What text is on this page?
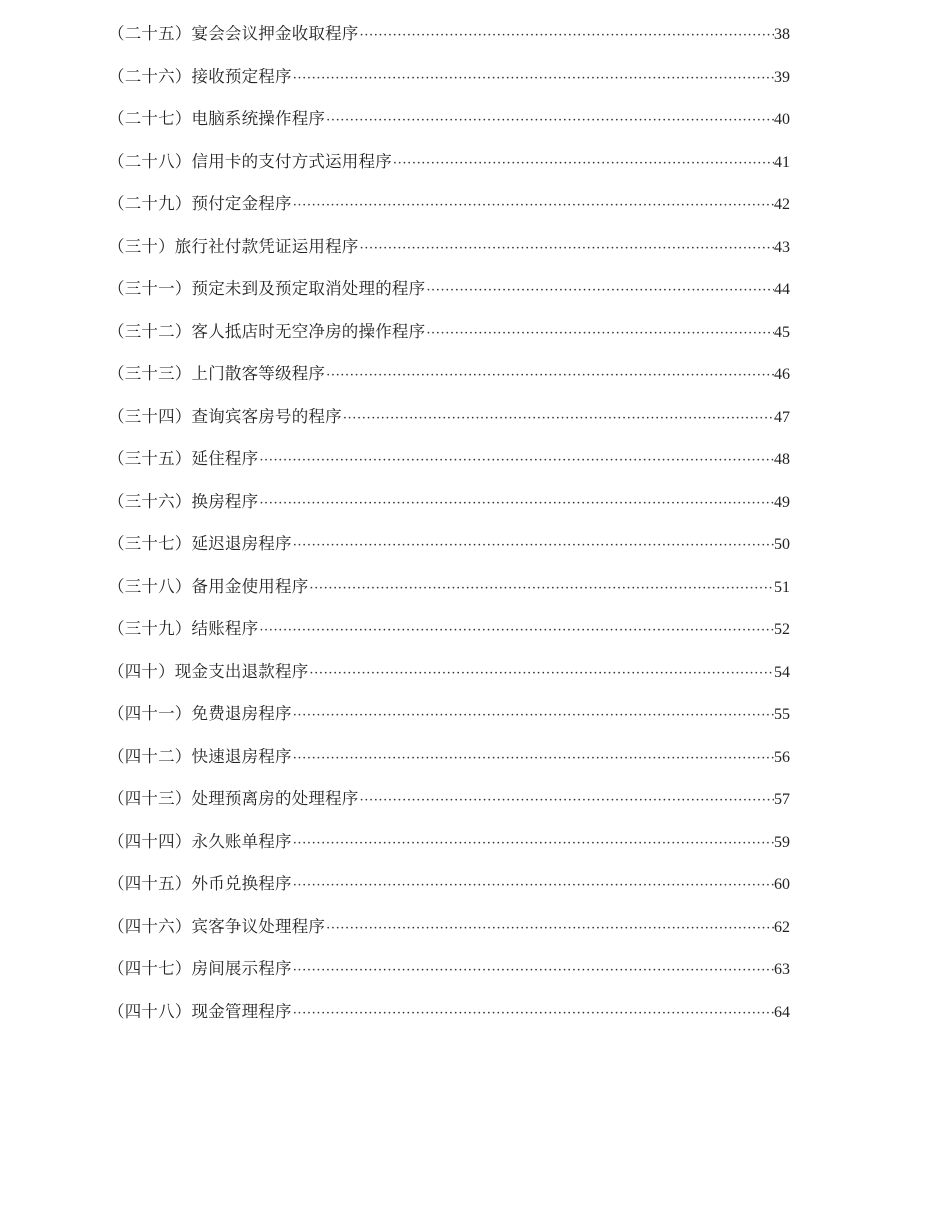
（二十五）宴会会议押金收取程序 ·····	38
（二十六）接收预定程序 ·····	39
（二十七）电脑系统操作程序 ·····	40
（二十八）信用卡的支付方式运用程序 ·····	41
（二十九）预付定金程序 ·····	42
（三十）旅行社付款凭证运用程序 ·····	43
（三十一）预定未到及预定取消处理的程序 ·····	44
（三十二）客人抵店时无空净房的操作程序 ·····	45
（三十三）上门散客等级程序 ·····	46
（三十四）查询宾客房号的程序 ·····	47
（三十五）延住程序 ·····	48
（三十六）换房程序 ·····	49
（三十七）延迟退房程序 ·····	50
（三十八）备用金使用程序 ·····	51
（三十九）结账程序 ·····	52
（四十）现金支出退款程序 ·····	54
（四十一）免费退房程序 ·····	55
（四十二）快速退房程序 ·····	56
（四十三）处理预离房的处理程序 ·····	57
（四十四）永久账单程序 ·····	59
（四十五）外币兑换程序 ·····	60
（四十六）宾客争议处理程序 ·····	62
（四十七）房间展示程序 ·····	63
（四十八）现金管理程序 ·····	64
